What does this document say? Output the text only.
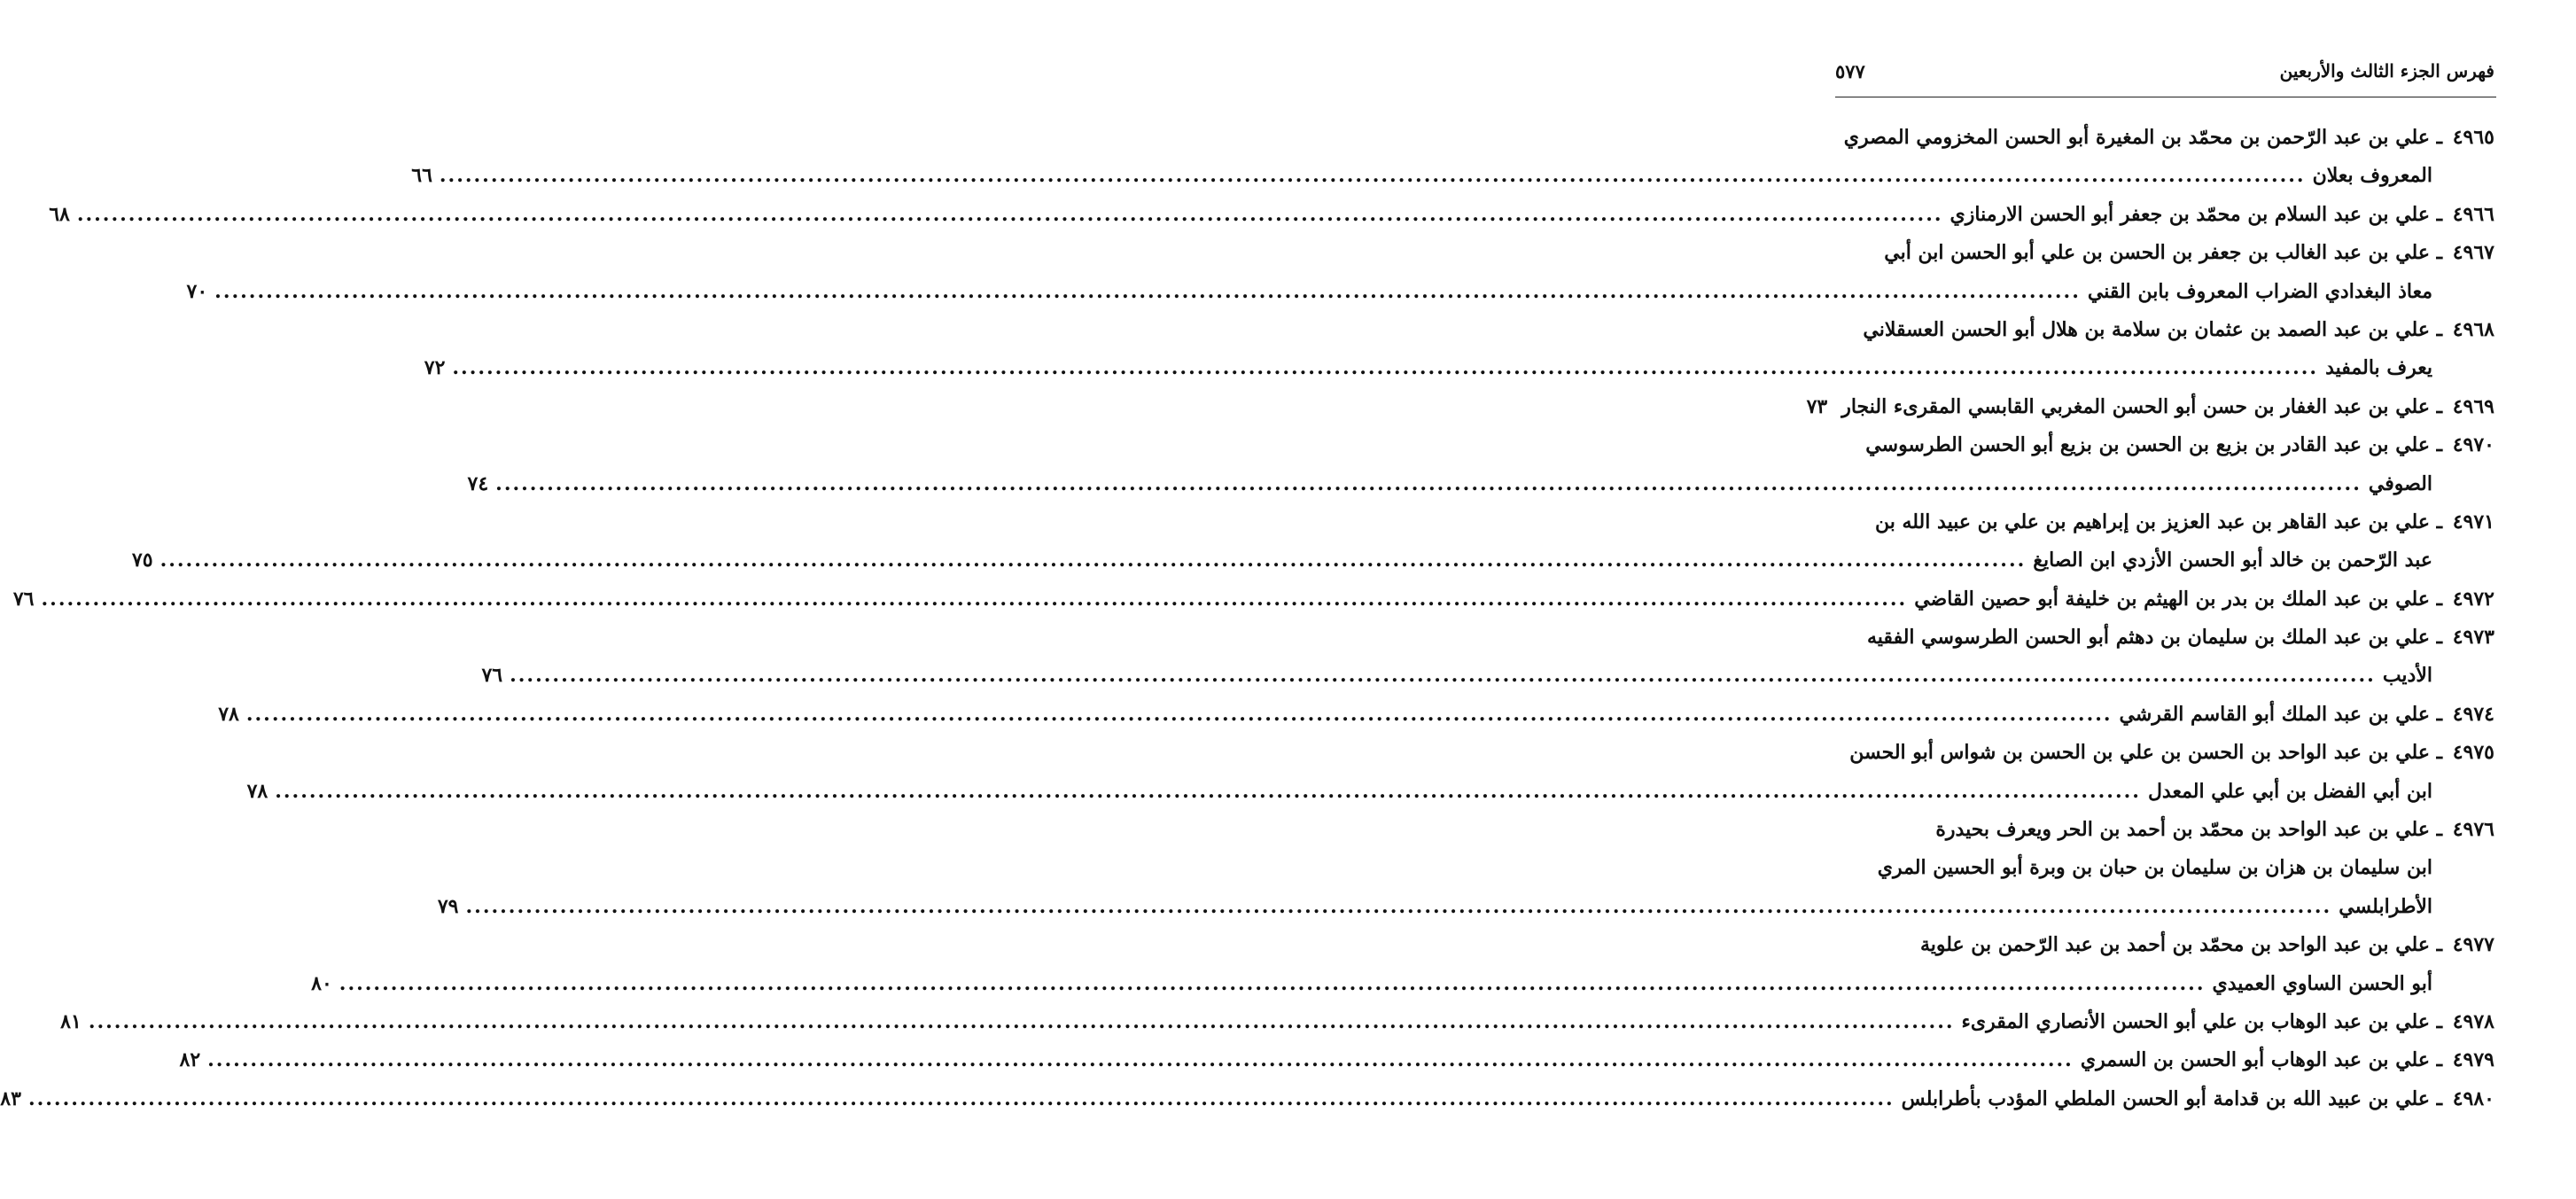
فهرس الجزء الثالث والأربعين
٥٧٧
٤٩٦٥ ـ علي بن عبد الرّحمن بن محمّد بن المغيرة أبو الحسن المخزومي المصري
المعروف بعلان
.....
٦٦
٤٩٦٦ ـ علي بن عبد السلام بن محمّد بن جعفر أبو الحسن الارمنازي
.....
٦٨
٤٩٦٧ ـ علي بن عبد الغالب بن جعفر بن الحسن بن علي أبو الحسن ابن أبي
معاذ البغدادي الضراب المعروف بابن القني
.....
٧٠
٤٩٦٨ ـ علي بن عبد الصمد بن عثمان بن سلامة بن هلال أبو الحسن العسقلاني
يعرف بالمفيد
.....
٧٢
٤٩٦٩ ـ علي بن عبد الغفار بن حسن أبو الحسن المغربي القابسي المقرىء النجار
٧٣
٤٩٧٠ ـ علي بن عبد القادر بن بزيع بن الحسن بن بزيع أبو الحسن الطرسوسي
الصوفي
.....
٧٤
٤٩٧١ ـ علي بن عبد القاهر بن عبد العزيز بن إبراهيم بن علي بن عبيد الله بن
عبد الرّحمن بن خالد أبو الحسن الأزدي ابن الصايغ
.....
٧٥
٤٩٧٢ ـ علي بن عبد الملك بن بدر بن الهيثم بن خليفة أبو حصين القاضي
.....
٧٦
٤٩٧٣ ـ علي بن عبد الملك بن سليمان بن دهثم أبو الحسن الطرسوسي الفقيه
الأديب
.....
٧٦
٤٩٧٤ ـ علي بن عبد الملك أبو القاسم القرشي
.....
٧٨
٤٩٧٥ ـ علي بن عبد الواحد بن الحسن بن علي بن الحسن بن شواس أبو الحسن
ابن أبي الفضل بن أبي علي المعدل
.....
٧٨
٤٩٧٦ ـ علي بن عبد الواحد بن محمّد بن أحمد بن الحر ويعرف بحيدرة
ابن سليمان بن هزان بن سليمان بن حبان بن وبرة أبو الحسين المري
الأطرابلسي
.....
٧٩
٤٩٧٧ ـ علي بن عبد الواحد بن محمّد بن أحمد بن عبد الرّحمن بن علوية
أبو الحسن الساوي العميدي
.....
٨٠
٤٩٧٨ ـ علي بن عبد الوهاب بن علي أبو الحسن الأنصاري المقرىء
.....
٨١
٤٩٧٩ ـ علي بن عبد الوهاب أبو الحسن بن السمري
.....
٨٢
٤٩٨٠ ـ علي بن عبيد الله بن قدامة أبو الحسن الملطي المؤدب بأطرابلس
.....
٨٣
